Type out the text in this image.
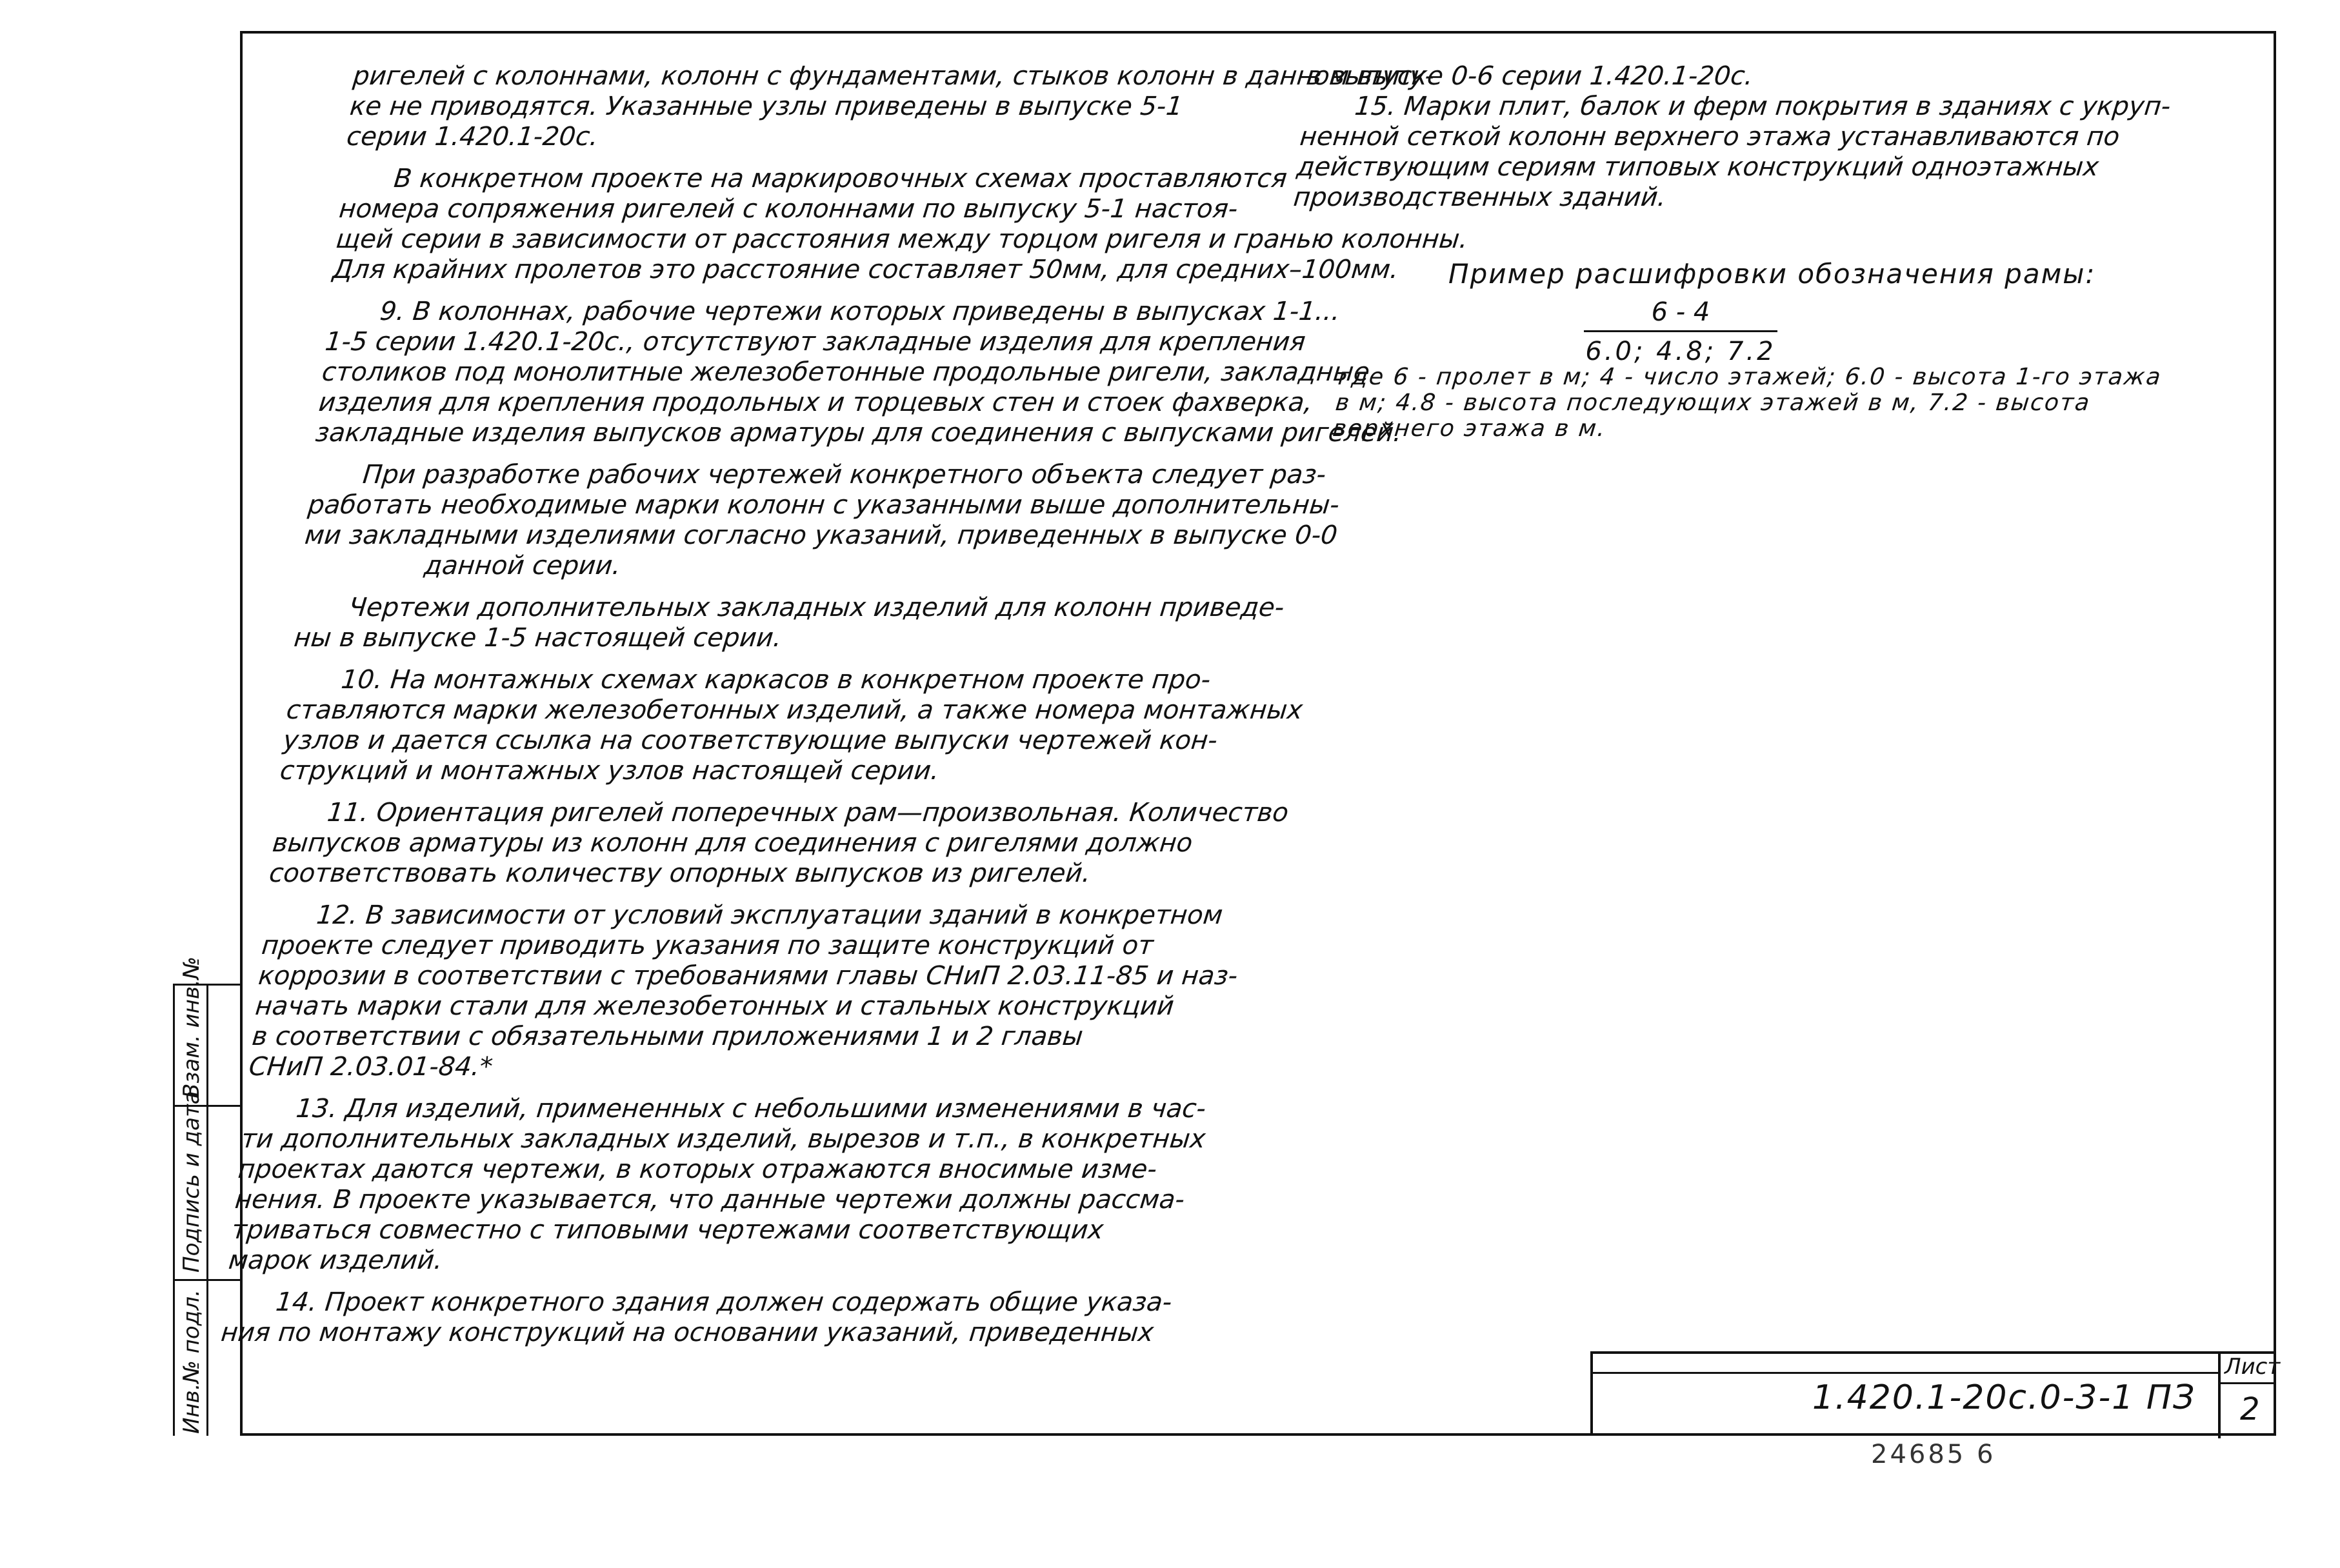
Инв.№ подл.
Подпись и дата
Взам. инв.№

ригелей с колоннами, колонн с фундаментами, стыков колонн в данном выпу-

ке не приводятся. Указанные узлы приведены в выпуске 5-1

серии 1.420.1-20с.

В конкретном проекте на маркировочных схемах проставляются

номера сопряжения ригелей с колоннами по выпуску 5-1 настоя-

щей серии в зависимости от расстояния между торцом ригеля и гранью колонны.

Для крайних пролетов это расстояние составляет 50мм, для средних–100мм.

9. В колоннах, рабочие чертежи которых приведены в выпусках 1-1...

1-5 серии 1.420.1-20с., отсутствуют закладные изделия для крепления

столиков под монолитные железобетонные продольные ригели, закладные

изделия для крепления продольных и торцевых стен и стоек фахверка,

закладные изделия выпусков арматуры для соединения с выпусками ригелей.

При разработке рабочих чертежей конкретного объекта следует раз-

работать необходимые марки колонн с указанными выше дополнительны-

ми закладными изделиями согласно указаний, приведенных в выпуске 0-0

данной серии.

Чертежи дополнительных закладных изделий для колонн приведе-

ны в выпуске 1-5 настоящей серии.

10. На монтажных схемах каркасов в конкретном проекте про-

ставляются марки железобетонных изделий, а также номера монтажных

узлов и дается ссылка на соответствующие выпуски чертежей кон-

струкций и монтажных узлов настоящей серии.

11. Ориентация ригелей поперечных рам—произвольная. Количество

выпусков арматуры из колонн для соединения с ригелями должно

соответствовать количеству опорных выпусков из ригелей.

12. В зависимости от условий эксплуатации зданий в конкретном

проекте следует приводить указания по защите конструкций от

коррозии в соответствии с требованиями главы СНиП 2.03.11-85 и наз-

начать марки стали для железобетонных и стальных конструкций

в соответствии с обязательными приложениями 1 и 2 главы

СНиП 2.03.01-84.*

13. Для изделий, примененных с небольшими изменениями в час-

ти дополнительных закладных изделий, вырезов и т.п., в конкретных

проектах даются чертежи, в которых отражаются вносимые изме-

нения. В проекте указывается, что данные чертежи должны рассма-

триваться совместно с типовыми чертежами соответствующих

марок изделий.

14. Проект конкретного здания должен содержать общие указа-

ния по монтажу конструкций на основании указаний, приведенных

в выпуске 0-6 серии 1.420.1-20с.

15. Марки плит, балок и ферм покрытия в зданиях с укруп-

ненной сеткой колонн верхнего этажа устанавливаются по

действующим сериям типовых конструкций одноэтажных

производственных зданий.

Пример расшифровки обозначения рамы:
6 - 4
6.0; 4.8; 7.2

где 6 - пролет в м; 4 - число этажей; 6.0 - высота 1-го этажа

в м; 4.8 - высота последующих этажей в м, 7.2 - высота

верхнего этажа в м.

1.420.1-20с.0-3-1 ПЗ
Лист
2
24685 6
